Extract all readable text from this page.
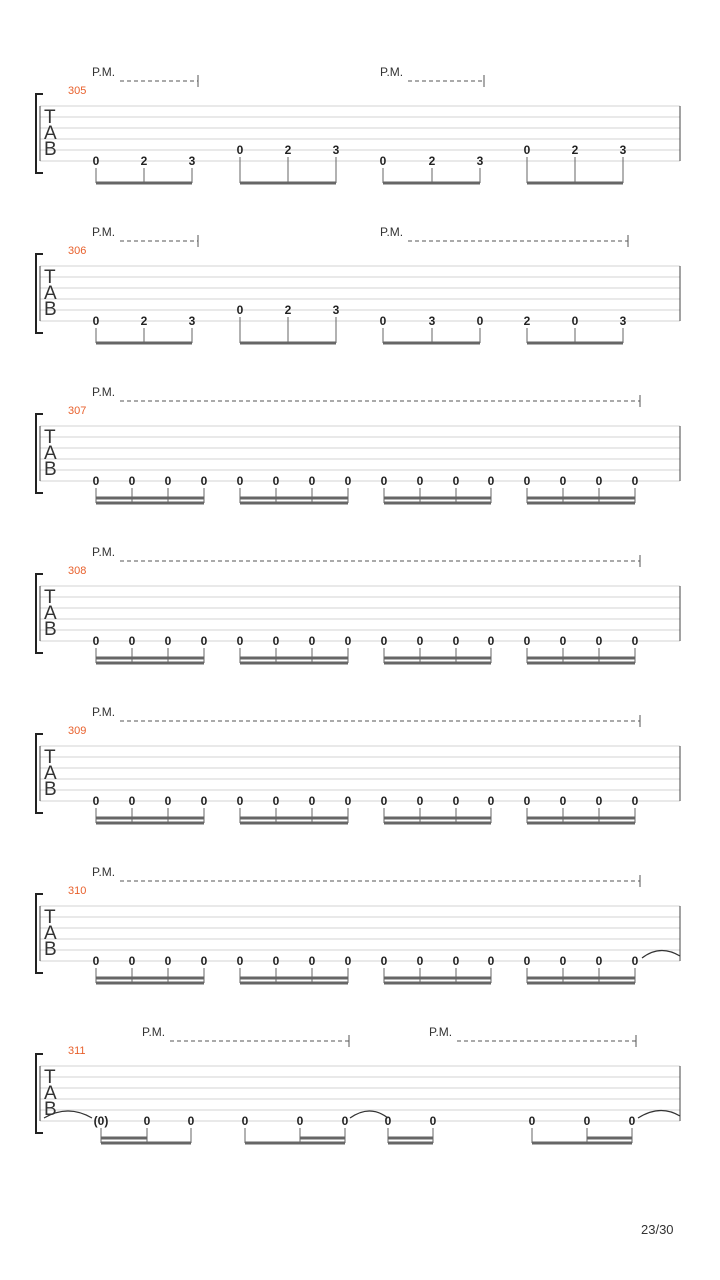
T
A
B
305
P.M.	P.M.
0	2	3
0	2	3
0	2	3
0	2	3
T
A
B
306
P.M.	P.M.
0	2	3
0	2	3
0	3	0	2	0	3
T
A
B
307
P.M.
0 0 0 0 0 0 0 0 0 0 0 0 0 0 0 0
T
A
B
308
P.M.
0 0 0 0 0 0 0 0 0 0 0 0 0 0 0 0
T
A
B
309
P.M.
0 0 0 0 0 0 0 0 0 0 0 0 0 0 0 0
T
A
B
310
P.M.
0 0 0 0 0 0 0 0 0 0 0 0 0 0 0 0
T
A
B
311
P.M.	P.M.
(0)	0	0	0	0	0	0	0	0	0	0
23/30
